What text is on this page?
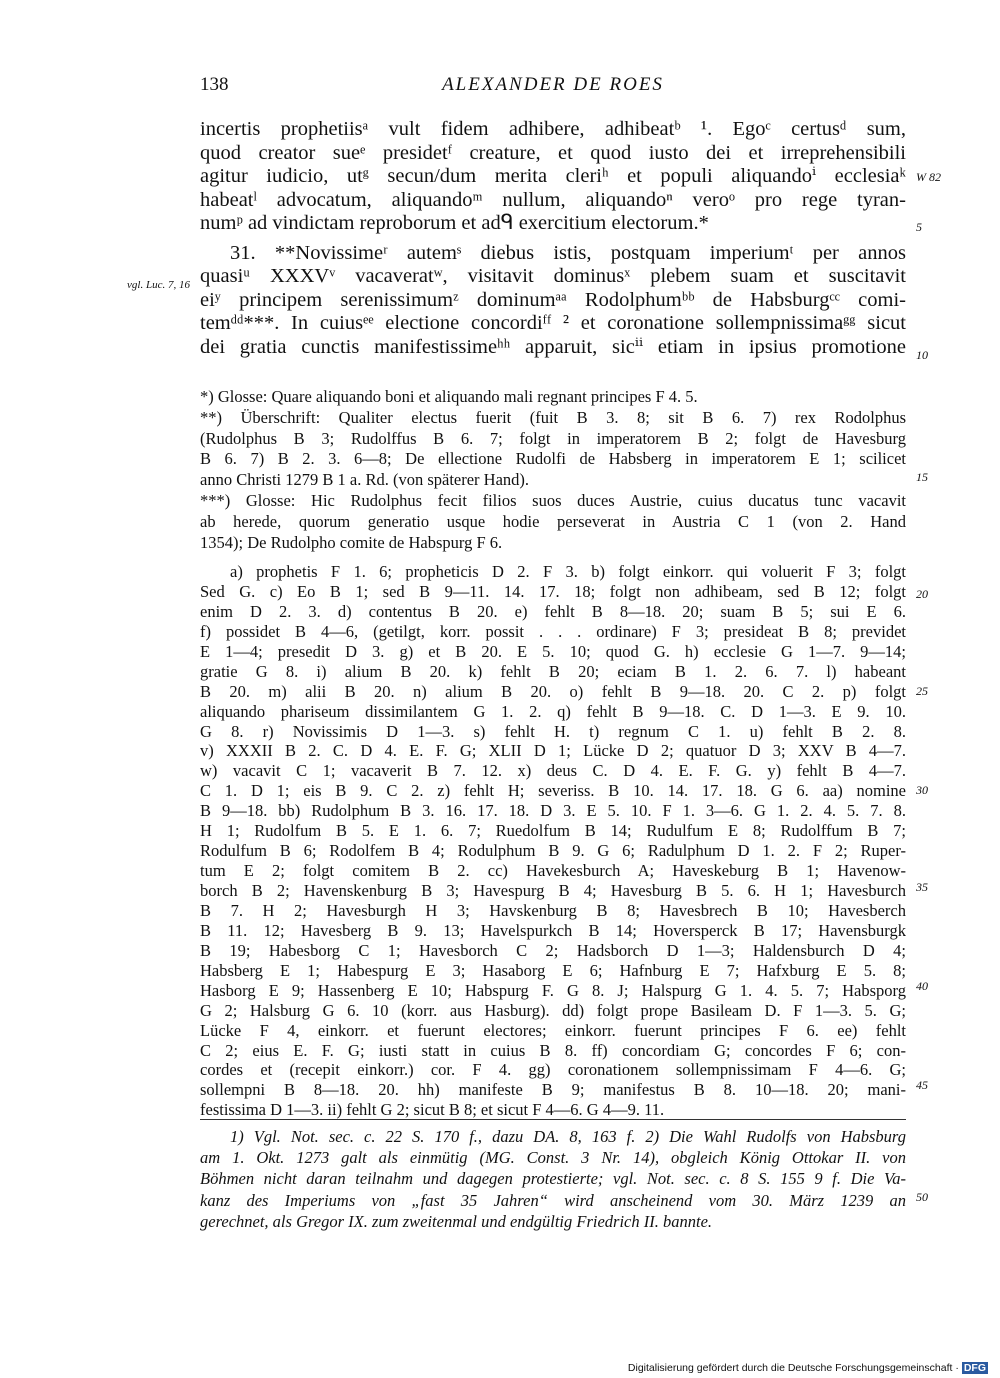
138	ALEXANDER DE ROES
incertis prophetiisᵃ vult fidem adhibere, adhibeatᵇ ¹. Egoᶜ certusᵈ sum,
quod creator sueᵉ presidetᶠ creature, et quod iusto dei et irreprehensibili
agitur iudicio, utᵍ secun/dum merita cleriʰ et populi aliquandoⁱ ecclesiaᵏ
habeatˡ advocatum, aliquandoᵐ nullum, aliquandoⁿ veroᵒ pro rege tyran-
numᵖ ad vindictam reproborum et adᑫ exercitium electorum.*
31. **Novissimeʳ autemˢ diebus istis, postquam imperiumᵗ per annos
quasiᵘ XXXVᵛ vacaveratʷ, visitavit dominusˣ plebem suam et suscitavit
eiʸ principem serenissimumᶻ dominumᵃᵃ Rodolphumᵇᵇ de Habsburgᶜᶜ comi-
temᵈᵈ***. In cuiusᵉᵉ electione concordiᶠᶠ ² et coronatione sollempnissimaᵍᵍ sicut
dei gratia cunctis manifestissimeʰʰ apparuit, sicⁱⁱ etiam in ipsius promotione
*) Glosse: Quare aliquando boni et aliquando mali regnant principes F 4. 5.
**) Überschrift: Qualiter electus fuerit (fuit B 3. 8; sit B 6. 7) rex Rodolphus
(Rudolphus B 3; Rudolffus B 6. 7; folgt in imperatorem B 2; folgt de Havesburg
B 6. 7) B 2. 3. 6—8; De ellectione Rudolfi de Habsberg in imperatorem E 1; scilicet
anno Christi 1279 B 1 a. Rd. (von späterer Hand).
***) Glosse: Hic Rudolphus fecit filios suos duces Austrie, cuius ducatus tunc vacavit
ab herede, quorum generatio usque hodie perseverat in Austria C 1 (von 2. Hand
1354); De Rudolpho comite de Habspurg F 6.
a) prophetis F 1. 6; propheticis D 2. F 3. b) folgt einkorr. qui voluerit F 3; folgt
Sed G. c) Eo B 1; sed B 9—11. 14. 17. 18; folgt non adhibeam, sed B 12; folgt
enim D 2. 3. d) contentus B 20. e) fehlt B 8—18. 20; suam B 5; sui E 6.
f) possidet B 4—6, (getilgt, korr. possit . . . ordinare) F 3; presideat B 8; previdet
E 1—4; presedit D 3. g) et B 20. E 5. 10; quod G. h) ecclesie G 1—7. 9—14;
gratie G 8. i) alium B 20. k) fehlt B 20; eciam B 1. 2. 6. 7. l) habeant
B 20. m) alii B 20. n) alium B 20. o) fehlt B 9—18. 20. C 2. p) folgt
aliquando phariseum dissimilantem G 1. 2. q) fehlt B 9—18. C. D 1—3. E 9. 10.
G 8. r) Novissimis D 1—3. s) fehlt H. t) regnum C 1. u) fehlt B 2. 8.
v) XXXII B 2. C. D 4. E. F. G; XLII D 1; Lücke D 2; quatuor D 3; XXV B 4—7.
w) vacavit C 1; vacaverit B 7. 12. x) deus C. D 4. E. F. G. y) fehlt B 4—7.
C 1. D 1; eis B 9. C 2. z) fehlt H; severiss. B 10. 14. 17. 18. G 6. aa) nomine
B 9—18. bb) Rudolphum B 3. 16. 17. 18. D 3. E 5. 10. F 1. 3—6. G 1. 2. 4. 5. 7. 8.
H 1; Rudolfum B 5. E 1. 6. 7; Ruedolfum B 14; Rudulfum E 8; Rudolffum B 7;
Rodulfum B 6; Rodolfem B 4; Rodulphum B 9. G 6; Radulphum D 1. 2. F 2; Ruper-
tum E 2; folgt comitem B 2. cc) Havekesburch A; Haveskeburg B 1; Havenow-
borch B 2; Havenskenburg B 3; Havespurg B 4; Havesburg B 5. 6. H 1; Havesburch
B 7. H 2; Havesburgh H 3; Havskenburg B 8; Havesbrech B 10; Havesberch
B 11. 12; Havesberg B 9. 13; Havelspurkch B 14; Hoversperck B 17; Havensburgk
B 19; Habesborg C 1; Havesborch C 2; Hadsborch D 1—3; Haldensburch D 4;
Habsberg E 1; Habespurg E 3; Hasaborg E 6; Hafnburg E 7; Hafxburg E 5. 8;
Hasborg E 9; Hassenberg E 10; Habspurg F. G 8. J; Halspurg G 1. 4. 5. 7; Habsporg
G 2; Halsburg G 6. 10 (korr. aus Hasburg). dd) folgt prope Basileam D. F 1—3. 5. G;
Lücke F 4, einkorr. et fuerunt electores; einkorr. fuerunt principes F 6. ee) fehlt
C 2; eius E. F. G; iusti statt in cuius B 8. ff) concordiam G; concordes F 6; con-
cordes et (recepit einkorr.) cor. F 4. gg) coronationem sollempnissimam F 4—6. G;
sollempni B 8—18. 20. hh) manifeste B 9; manifestus B 8. 10—18. 20; mani-
festissima D 1—3. ii) fehlt G 2; sicut B 8; et sicut F 4—6. G 4—9. 11.
1) Vgl. Not. sec. c. 22 S. 170 f., dazu DA. 8, 163 f. 2) Die Wahl Rudolfs von Habsburg
am 1. Okt. 1273 galt als einmütig (MG. Const. 3 Nr. 14), obgleich König Ottokar II. von
Böhmen nicht daran teilnahm und dagegen protestierte; vgl. Not. sec. c. 8 S. 155 9 f. Die Va-
kanz des Imperiums von „fast 35 Jahren“ wird anscheinend vom 30. März 1239 an
gerechnet, als Gregor IX. zum zweitenmal und endgültig Friedrich II. bannte.
vgl. Luc. 7, 16
W 82
5
10
15
20
25
30
35
40
45
50
Digitalisierung gefördert durch die Deutsche Forschungsgemeinschaft · DFG
